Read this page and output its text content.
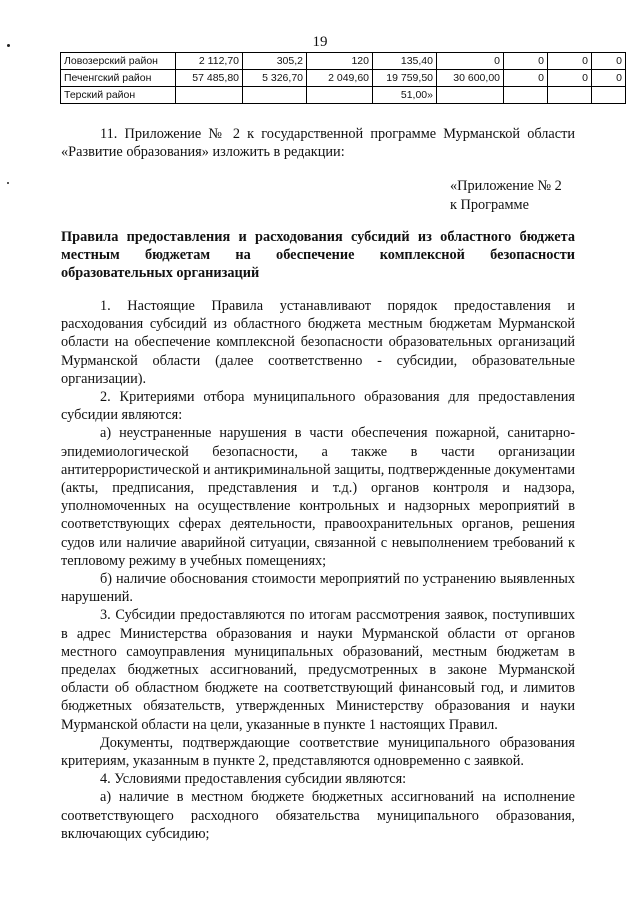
19
Ловозерский район	2 112,70	305,2	120	135,40	0	0	0	0
Печенгский район	57 485,80	5 326,70	2 049,60	19 759,50	30 600,00	0	0	0
Терский район				51,00»				

11. Приложение № 2 к государственной программе Мурманской области «Развитие образования» изложить в редакции:

«Приложение № 2
к Программе
Правила предоставления и расходования субсидий из областного бюджета местным бюджетам на обеспечение комплексной безопасности образовательных организаций

1. Настоящие Правила устанавливают порядок предоставления и расходования субсидий из областного бюджета местным бюджетам Мурманской области на обеспечение комплексной безопасности образовательных организаций Мурманской области (далее соответственно - субсидии, образовательные организации).

2. Критериями отбора муниципального образования для предоставления субсидии являются:

а) неустраненные нарушения в части обеспечения пожарной, санитарно-эпидемиологической безопасности, а также в части организации антитеррористической и антикриминальной защиты, подтвержденные документами (акты, предписания, представления и т.д.) органов контроля и надзора, уполномоченных на осуществление контрольных и надзорных мероприятий в соответствующих сферах деятельности, правоохранительных органов, решения судов или наличие аварийной ситуации, связанной с невыполнением требований к тепловому режиму в учебных помещениях;

б) наличие обоснования стоимости мероприятий по устранению выявленных нарушений.

3. Субсидии предоставляются по итогам рассмотрения заявок, поступивших в адрес Министерства образования и науки Мурманской области от органов местного самоуправления муниципальных образований, местным бюджетам в пределах бюджетных ассигнований, предусмотренных в законе Мурманской области об областном бюджете на соответствующий финансовый год, и лимитов бюджетных обязательств, утвержденных Министерству образования и науки Мурманской области на цели, указанные в пункте 1 настоящих Правил.

Документы, подтверждающие соответствие муниципального образования критериям, указанным в пункте 2, представляются одновременно с заявкой.

4. Условиями предоставления субсидии являются:

а) наличие в местном бюджете бюджетных ассигнований на исполнение соответствующего расходного обязательства муниципального образования, включающих субсидию;
